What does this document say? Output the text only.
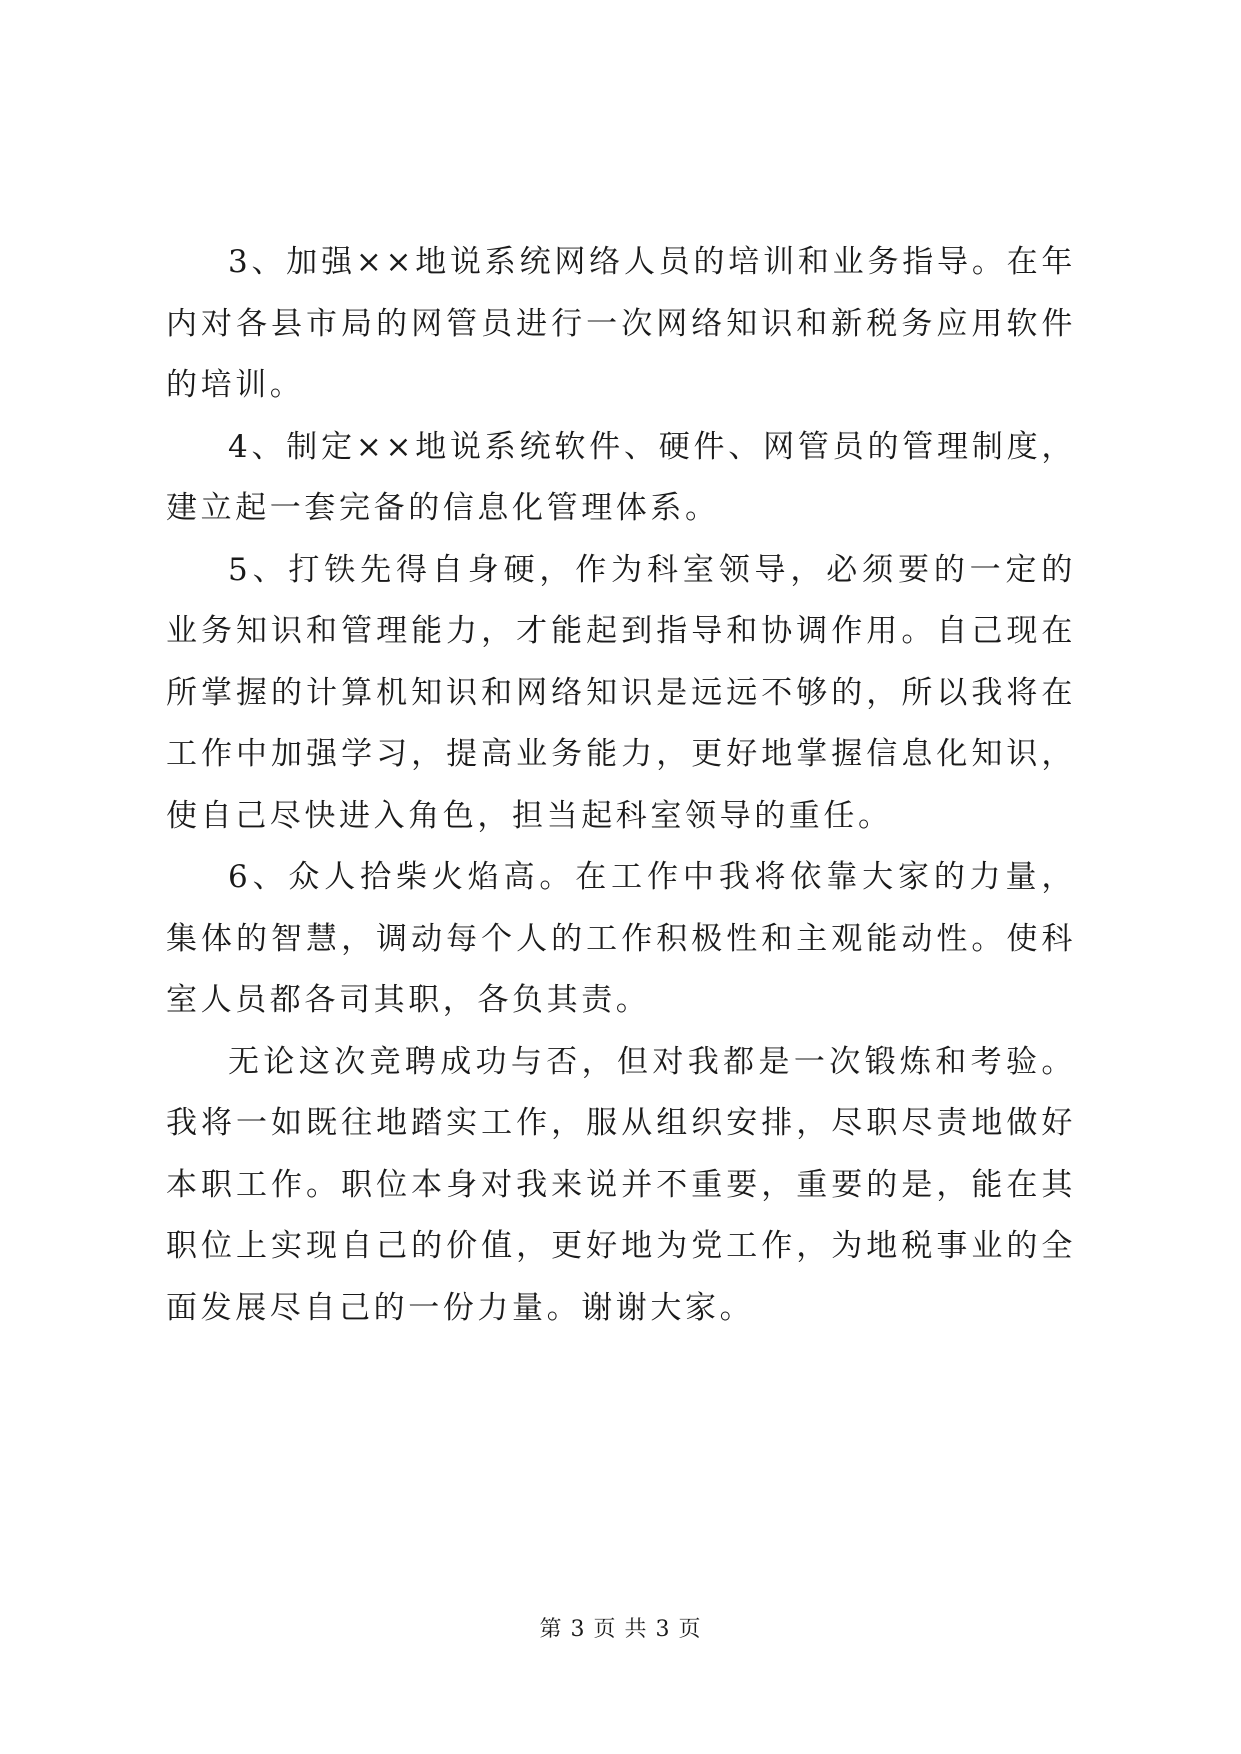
3、加强××地说系统网络人员的培训和业务指导。在年内对各县市局的网管员进行一次网络知识和新税务应用软件的培训。

4、制定××地说系统软件、硬件、网管员的管理制度，建立起一套完备的信息化管理体系。

5、打铁先得自身硬，作为科室领导，必须要的一定的业务知识和管理能力，才能起到指导和协调作用。自己现在所掌握的计算机知识和网络知识是远远不够的，所以我将在工作中加强学习，提高业务能力，更好地掌握信息化知识，使自己尽快进入角色，担当起科室领导的重任。

6、众人拾柴火焰高。在工作中我将依靠大家的力量，集体的智慧，调动每个人的工作积极性和主观能动性。使科室人员都各司其职，各负其责。

无论这次竞聘成功与否，但对我都是一次锻炼和考验。我将一如既往地踏实工作，服从组织安排，尽职尽责地做好本职工作。职位本身对我来说并不重要，重要的是，能在其职位上实现自己的价值，更好地为党工作，为地税事业的全面发展尽自己的一份力量。谢谢大家。

第 3 页 共 3 页
